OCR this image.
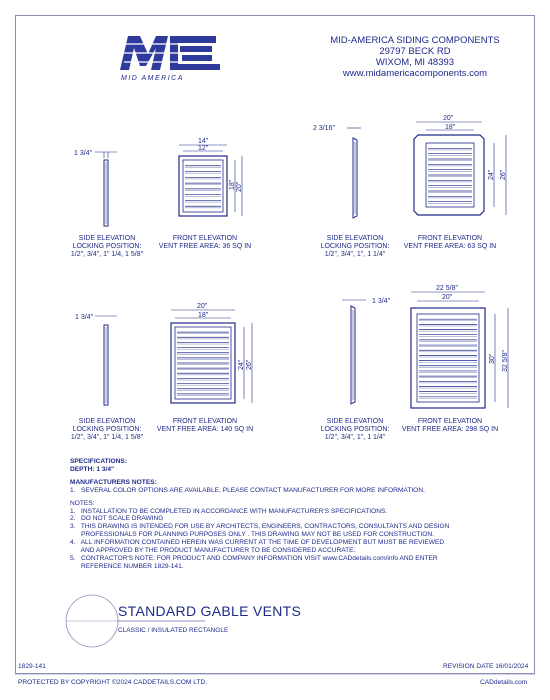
MID AMERICA
MID-AMERICA SIDING COMPONENTS
29797 BECK RD
WIXOM, MI 48393
www.midamericacomponents.com
1 3/4"
14"
12"
18" 20"
2 3/16"
20"
18"
24" 26"
1 3/4"
20"
18"
24" 26"
1 3/4"
22 5/8"
20"
30" 32 5/8"
SIDE ELEVATION
LOCKING POSITION:
1/2", 3/4", 1" 1/4, 1 5/8"
FRONT ELEVATION
VENT FREE AREA: 36 SQ IN
SIDE ELEVATION
LOCKING POSITION:
1/2", 3/4", 1", 1 1/4"
FRONT ELEVATION
VENT FREE AREA: 63 SQ IN
SIDE ELEVATION
LOCKING POSITION:
1/2", 3/4", 1" 1/4, 1 5/8"
FRONT ELEVATION
VENT FREE AREA: 140 SQ IN
SIDE ELEVATION
LOCKING POSITION:
1/2", 3/4", 1", 1 1/4"
FRONT ELEVATION
VENT FREE AREA: 298 SQ IN
SPECIFICATIONS:
DEPTH: 1 3/4"
MANUFACTURERS NOTES:
1.   SEVERAL COLOR OPTIONS ARE AVAILABLE, PLEASE CONTACT MANUFACTURER FOR MORE INFORMATION.
NOTES:
1.   INSTALLATION TO BE COMPLETED IN ACCORDANCE WITH MANUFACTURER'S SPECIFICATIONS.
2.   DO NOT SCALE DRAWING
3.   THIS DRAWING IS INTENDED FOR USE BY ARCHITECTS, ENGINEERS, CONTRACTORS, CONSULTANTS AND DESIGN
PROFESSIONALS FOR PLANNING PURPOSES ONLY . THIS DRAWING MAY NOT BE USED FOR CONSTRUCTION.
4.   ALL INFORMATION CONTAINED HEREIN WAS CURRENT AT THE TIME OF DEVELOPMENT BUT MUST BE REVIEWED
AND APPROVED BY THE PRODUCT MANUFACTURER TO BE CONSIDERED ACCURATE.
5.   CONTRACTOR'S NOTE: FOR PRODUCT AND COMPANY INFORMATION VISIT www.CADdetails.com/info AND ENTER
REFERENCE NUMBER 1829-141.
STANDARD GABLE VENTS
CLASSIC / INSULATED RECTANGLE
1829-141	REVISION DATE 16/01/2024
PROTECTED BY COPYRIGHT ©2024 CADDETAILS.COM LTD.	CADdetails.com
